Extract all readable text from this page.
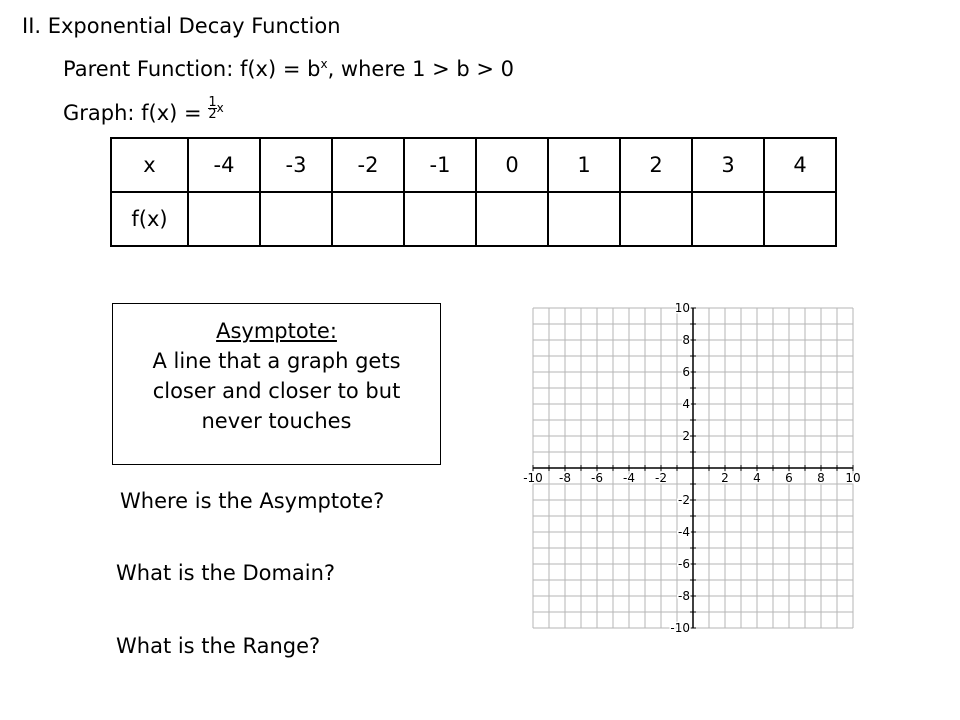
II. Exponential Decay Function
Parent Function: $f(x) = b^x$, where 1 > b > 0
Graph: $f(x) = \frac{1}{2} ^x$
x	-4	-3	-2	-1	0	1	2	3	4
f(x)									
Asymptote:
A line that a graph gets
closer and closer to but
never touches
Where is the Asymptote?
What is the Domain?
What is the Range?
-10 -8 -6 -4 -2	2 4 6 8 10
10
8
6
4
2
-2
-4
-6
-8
-10
